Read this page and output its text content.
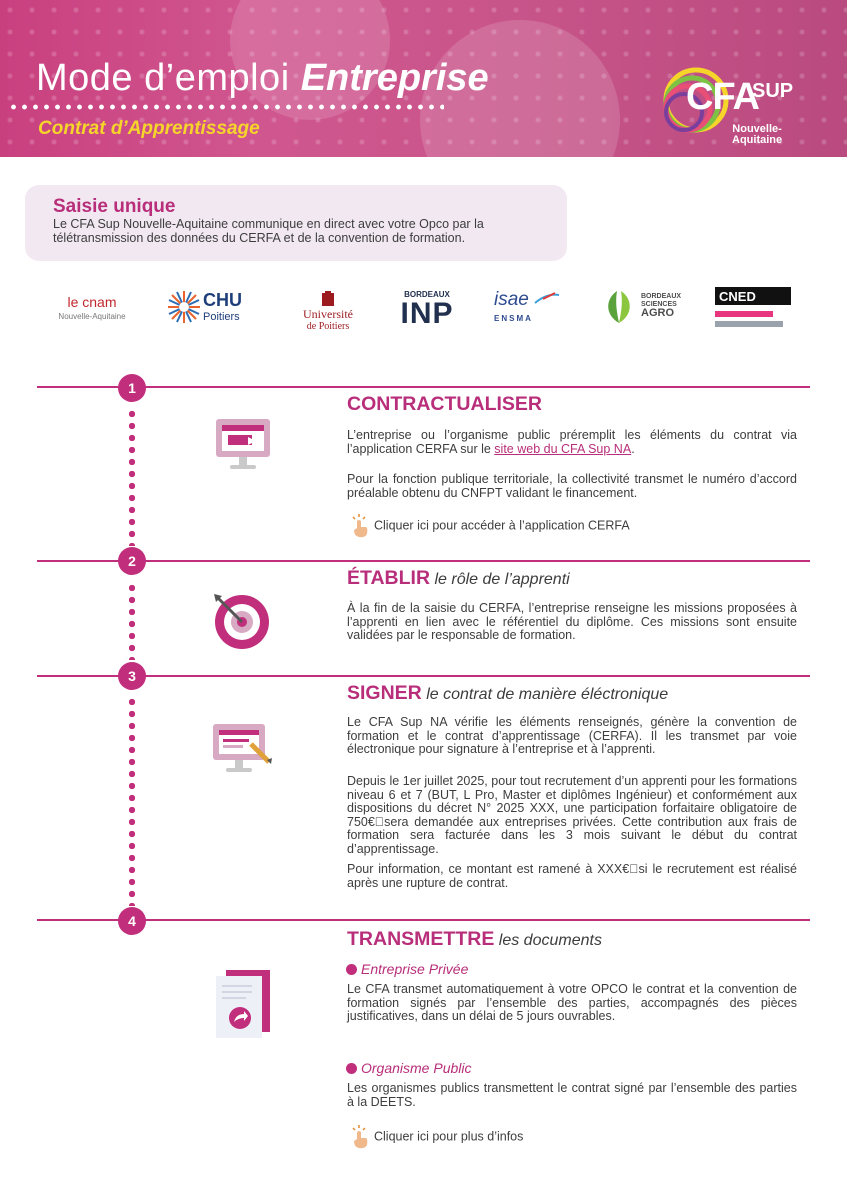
Mode d’emploi Entreprise
Contrat d’Apprentissage
CFA
SUP
Nouvelle-
Aquitaine
Saisie unique

Le CFA Sup Nouvelle-Aquitaine communique en direct avec votre Opco par la télétransmission des données du CERFA et de la convention de formation.

le cnam
Nouvelle-Aquitaine
CHU
Poitiers	Université
de Poitiers
BORDEAUX
INP isae
ENSMA
BORDEAUX
SCIENCES
AGRO
CNED
1
2
3
4
CONTRACTUALISER

L’entreprise ou l’organisme public préremplit les éléments du contrat via l’application CERFA sur le site web du CFA Sup NA.

Pour la fonction publique territoriale, la collectivité transmet le numéro d’accord préalable obtenu du CNFPT validant le financement.

Cliquer ici pour accéder à l’application CERFA
ÉTABLIR le rôle de l’apprenti

À la fin de la saisie du CERFA, l’entreprise renseigne les missions proposées à l’apprenti en lien avec le référentiel du diplôme. Ces missions sont ensuite validées par le responsable de formation.

SIGNER le contrat de manière éléctronique

Le CFA Sup NA vérifie les éléments renseignés, génère la convention de formation et le contrat d’apprentissage (CERFA). Il les transmet par voie électronique pour signature à l’entreprise et à l’apprenti.

Depuis le 1er juillet 2025, pour tout recrutement d’un apprenti pour les formations niveau 6 et 7 (BUT, L Pro, Master et diplômes Ingénieur) et conformément aux dispositions du décret N° 2025 XXX, une participation forfaitaire obligatoire de 750€ sera demandée aux entreprises privées. Cette contribution aux frais de formation sera facturée dans les 3 mois suivant le début du contrat d’apprentissage.

Pour information, ce montant est ramené à XXX€ si le recrutement est réalisé après une rupture de contrat.

TRANSMETTRE les documents
Entreprise Privée

Le CFA transmet automatiquement à votre OPCO le contrat et la convention de formation signés par l’ensemble des parties, accompagnés des pièces justificatives, dans un délai de 5 jours ouvrables.

Organisme Public

Les organismes publics transmettent le contrat signé par l’ensemble des parties à la DEETS.

Cliquer ici pour plus d’infos
